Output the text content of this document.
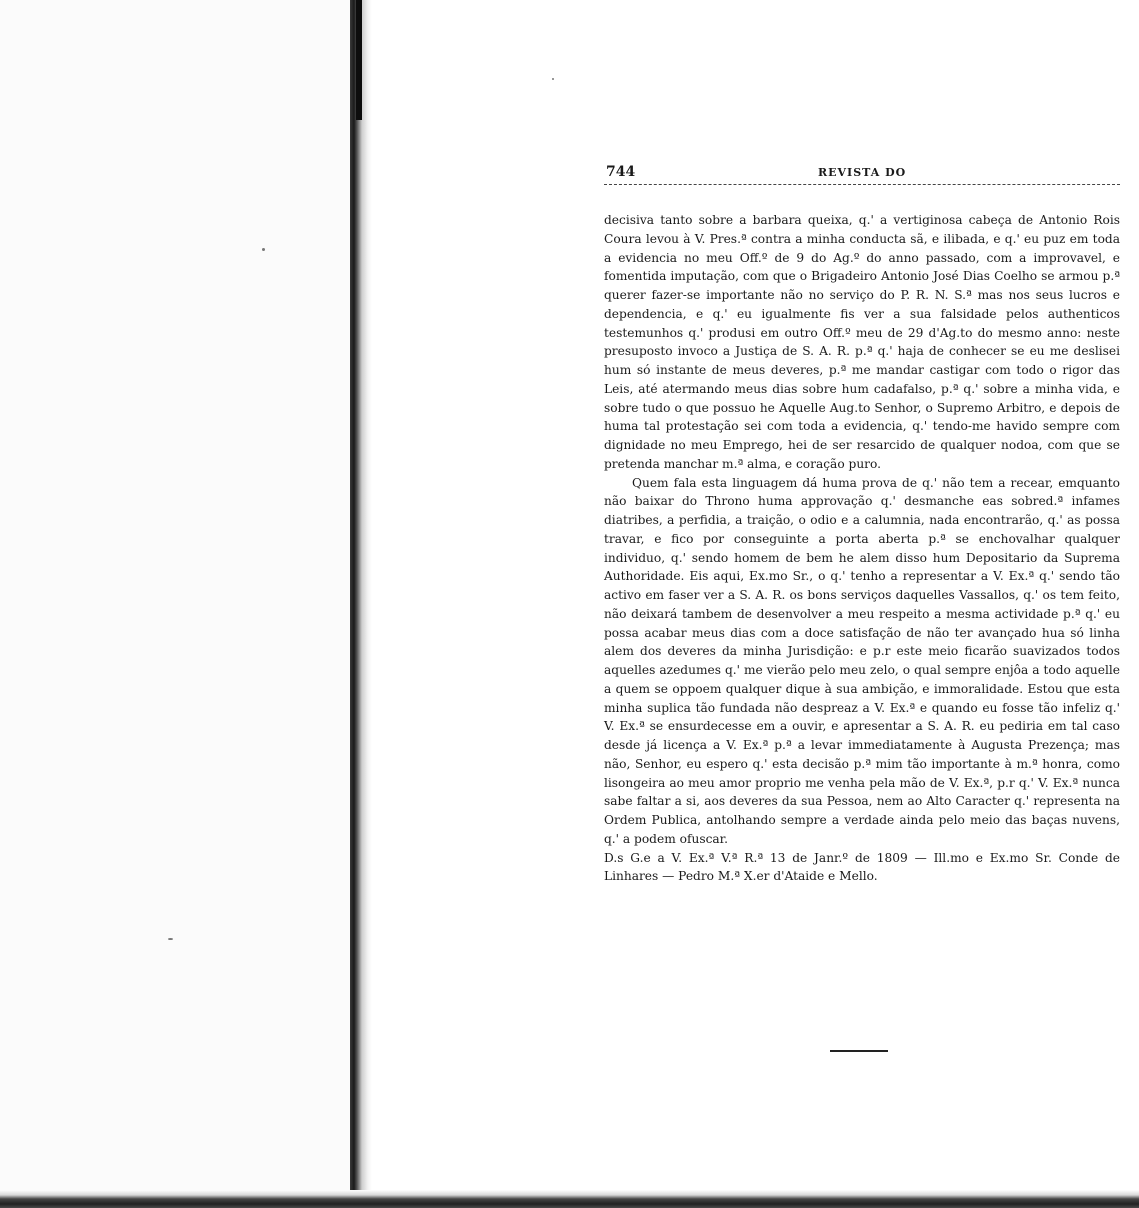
744	REVISTA DO

decisiva tanto sobre a barbara queixa, q.' a vertiginosa cabeça de Antonio Rois Coura levou à V. Pres.ª contra a minha conducta sã, e ilibada, e q.' eu puz em toda a evidencia no meu Off.º de 9 do Ag.º do anno passado, com a improvavel, e fomentida imputação, com que o Brigadeiro Antonio José Dias Coelho se armou p.ª querer fazer-se importante não no serviço do P. R. N. S.ª mas nos seus lucros e dependencia, e q.' eu igualmente fis ver a sua falsidade pelos authenticos testemunhos q.' produsi em outro Off.º meu de 29 d'Ag.to do mesmo anno: neste presuposto invoco a Justiça de S. A. R. p.ª q.' haja de conhecer se eu me deslisei hum só instante de meus deveres, p.ª me mandar castigar com todo o rigor das Leis, até atermando meus dias sobre hum cadafalso, p.ª q.' sobre a minha vida, e sobre tudo o que possuo he Aquelle Aug.to Senhor, o Supremo Arbitro, e depois de huma tal protestação sei com toda a evidencia, q.' tendo-me havido sempre com dignidade no meu Emprego, hei de ser resarcido de qualquer nodoa, com que se pretenda manchar m.ª alma, e coração puro.

Quem fala esta linguagem dá huma prova de q.' não tem a recear, emquanto não baixar do Throno huma approvação q.' desmanche eas sobred.ª infames diatribes, a perfidia, a traição, o odio e a calumnia, nada encontrarão, q.' as possa travar, e fico por conseguinte a porta aberta p.ª se enchovalhar qualquer individuo, q.' sendo homem de bem he alem disso hum Depositario da Suprema Authoridade. Eis aqui, Ex.mo Sr., o q.' tenho a representar a V. Ex.ª q.' sendo tão activo em faser ver a S. A. R. os bons serviços daquelles Vassallos, q.' os tem feito, não deixará tambem de desenvolver a meu respeito a mesma actividade p.ª q.' eu possa acabar meus dias com a doce satisfação de não ter avançado hua só linha alem dos deveres da minha Jurisdição: e p.r este meio ficarão suavizados todos aquelles azedumes q.' me vierão pelo meu zelo, o qual sempre enjôa a todo aquelle a quem se oppoem qualquer dique à sua ambição, e immoralidade. Estou que esta minha suplica tão fundada não despreaz a V. Ex.ª e quando eu fosse tão infeliz q.' V. Ex.ª se ensurdecesse em a ouvir, e apresentar a S. A. R. eu pediria em tal caso desde já licença a V. Ex.ª p.ª a levar immediatamente à Augusta Prezença; mas não, Senhor, eu espero q.' esta decisão p.ª mim tão importante à m.ª honra, como lisongeira ao meu amor proprio me venha pela mão de V. Ex.ª, p.r q.' V. Ex.ª nunca sabe faltar a si, aos deveres da sua Pessoa, nem ao Alto Caracter q.' representa na Ordem Publica, antolhando sempre a verdade ainda pelo meio das baças nuvens, q.' a podem ofuscar.

D.s G.e a V. Ex.ª V.ª R.ª 13 de Janr.º de 1809 — Ill.mo e Ex.mo Sr. Conde de Linhares — Pedro M.ª X.er d'Ataide e Mello.
